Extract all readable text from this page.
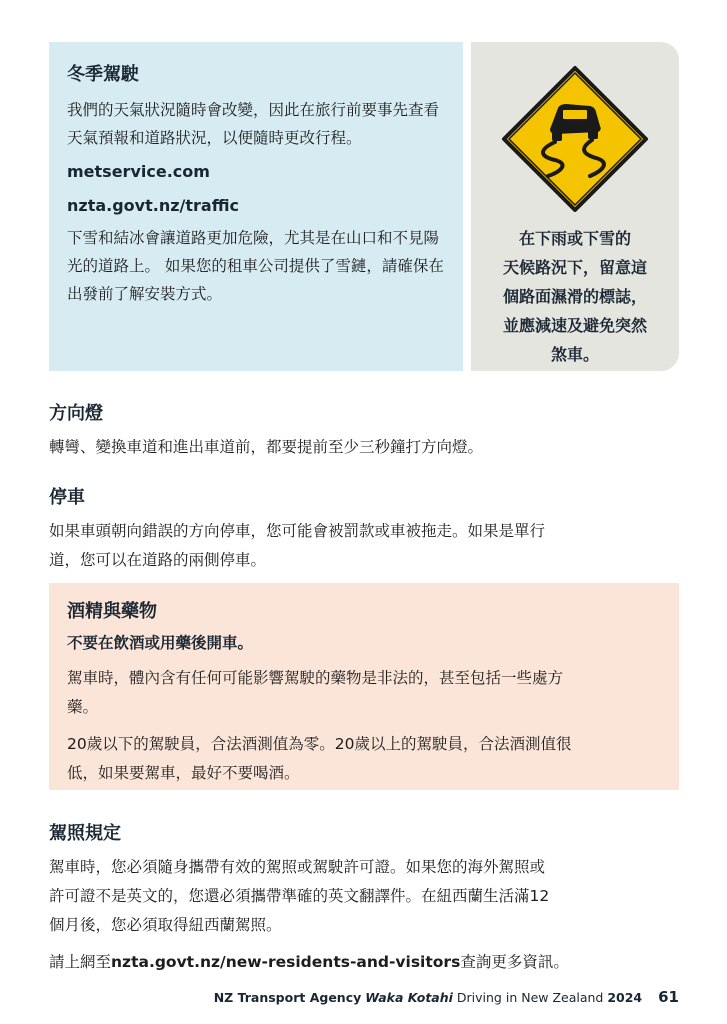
冬季駕駛

我們的天氣狀況隨時會改變，因此在旅行前要事先查看天氣預報和道路狀況，以便隨時更改行程。

metservice.com

nzta.govt.nz/traffic

下雪和結冰會讓道路更加危險，尤其是在山口和不見陽光的道路上。 如果您的租車公司提供了雪鏈，請確保在出發前了解安裝方式。

在下雨或下雪的
天候路況下，留意這
個路面濕滑的標誌，
並應減速及避免突然
煞車。
方向燈

轉彎、變換車道和進出車道前，都要提前至少三秒鐘打方向燈。

停車

如果車頭朝向錯誤的方向停車，您可能會被罰款或車被拖走。如果是單行

道，您可以在道路的兩側停車。

酒精與藥物

不要在飲酒或用藥後開車。

駕車時，體內含有任何可能影響駕駛的藥物是非法的，甚至包括一些處方

藥。

20歲以下的駕駛員，合法酒測值為零。20歲以上的駕駛員，合法酒測值很

低，如果要駕車，最好不要喝酒。

駕照規定

駕車時，您必須隨身攜帶有效的駕照或駕駛許可證。如果您的海外駕照或

許可證不是英文的，您還必須攜帶準確的英文翻譯件。在紐西蘭生活滿12

個月後，您必須取得紐西蘭駕照。

請上網至nzta.govt.nz/new-residents-and-visitors查詢更多資訊。

NZ Transport Agency Waka Kotahi Driving in New Zealand 2024 61
